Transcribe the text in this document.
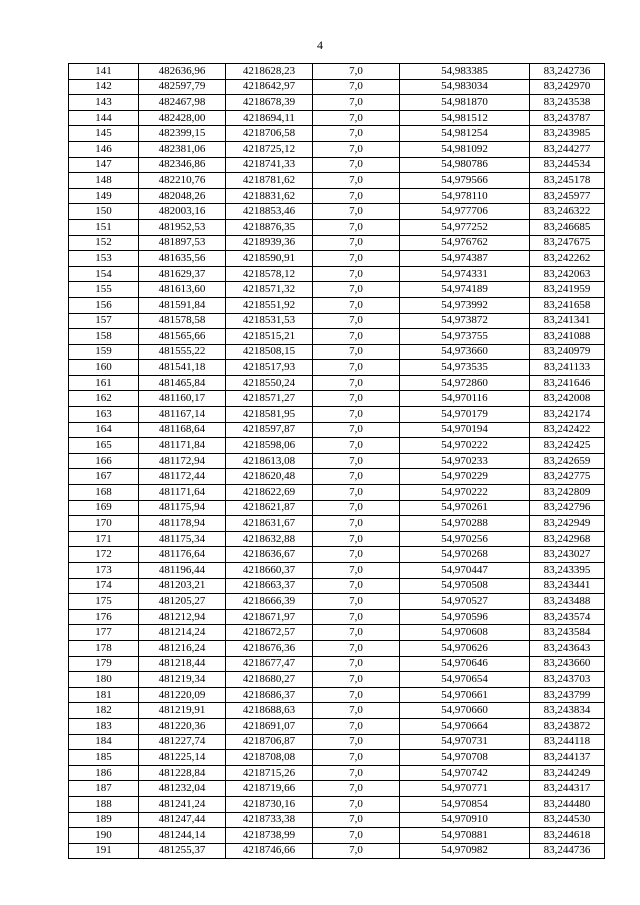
4
141	482636,96	4218628,23	7,0	54,983385	83,242736
142	482597,79	4218642,97	7,0	54,983034	83,242970
143	482467,98	4218678,39	7,0	54,981870	83,243538
144	482428,00	4218694,11	7,0	54,981512	83,243787
145	482399,15	4218706,58	7,0	54,981254	83,243985
146	482381,06	4218725,12	7,0	54,981092	83,244277
147	482346,86	4218741,33	7,0	54,980786	83,244534
148	482210,76	4218781,62	7,0	54,979566	83,245178
149	482048,26	4218831,62	7,0	54,978110	83,245977
150	482003,16	4218853,46	7,0	54,977706	83,246322
151	481952,53	4218876,35	7,0	54,977252	83,246685
152	481897,53	4218939,36	7,0	54,976762	83,247675
153	481635,56	4218590,91	7,0	54,974387	83,242262
154	481629,37	4218578,12	7,0	54,974331	83,242063
155	481613,60	4218571,32	7,0	54,974189	83,241959
156	481591,84	4218551,92	7,0	54,973992	83,241658
157	481578,58	4218531,53	7,0	54,973872	83,241341
158	481565,66	4218515,21	7,0	54,973755	83,241088
159	481555,22	4218508,15	7,0	54,973660	83,240979
160	481541,18	4218517,93	7,0	54,973535	83,241133
161	481465,84	4218550,24	7,0	54,972860	83,241646
162	481160,17	4218571,27	7,0	54,970116	83,242008
163	481167,14	4218581,95	7,0	54,970179	83,242174
164	481168,64	4218597,87	7,0	54,970194	83,242422
165	481171,84	4218598,06	7,0	54,970222	83,242425
166	481172,94	4218613,08	7,0	54,970233	83,242659
167	481172,44	4218620,48	7,0	54,970229	83,242775
168	481171,64	4218622,69	7,0	54,970222	83,242809
169	481175,94	4218621,87	7,0	54,970261	83,242796
170	481178,94	4218631,67	7,0	54,970288	83,242949
171	481175,34	4218632,88	7,0	54,970256	83,242968
172	481176,64	4218636,67	7,0	54,970268	83,243027
173	481196,44	4218660,37	7,0	54,970447	83,243395
174	481203,21	4218663,37	7,0	54,970508	83,243441
175	481205,27	4218666,39	7,0	54,970527	83,243488
176	481212,94	4218671,97	7,0	54,970596	83,243574
177	481214,24	4218672,57	7,0	54,970608	83,243584
178	481216,24	4218676,36	7,0	54,970626	83,243643
179	481218,44	4218677,47	7,0	54,970646	83,243660
180	481219,34	4218680,27	7,0	54,970654	83,243703
181	481220,09	4218686,37	7,0	54,970661	83,243799
182	481219,91	4218688,63	7,0	54,970660	83,243834
183	481220,36	4218691,07	7,0	54,970664	83,243872
184	481227,74	4218706,87	7,0	54,970731	83,244118
185	481225,14	4218708,08	7,0	54,970708	83,244137
186	481228,84	4218715,26	7,0	54,970742	83,244249
187	481232,04	4218719,66	7,0	54,970771	83,244317
188	481241,24	4218730,16	7,0	54,970854	83,244480
189	481247,44	4218733,38	7,0	54,970910	83,244530
190	481244,14	4218738,99	7,0	54,970881	83,244618
191	481255,37	4218746,66	7,0	54,970982	83,244736
